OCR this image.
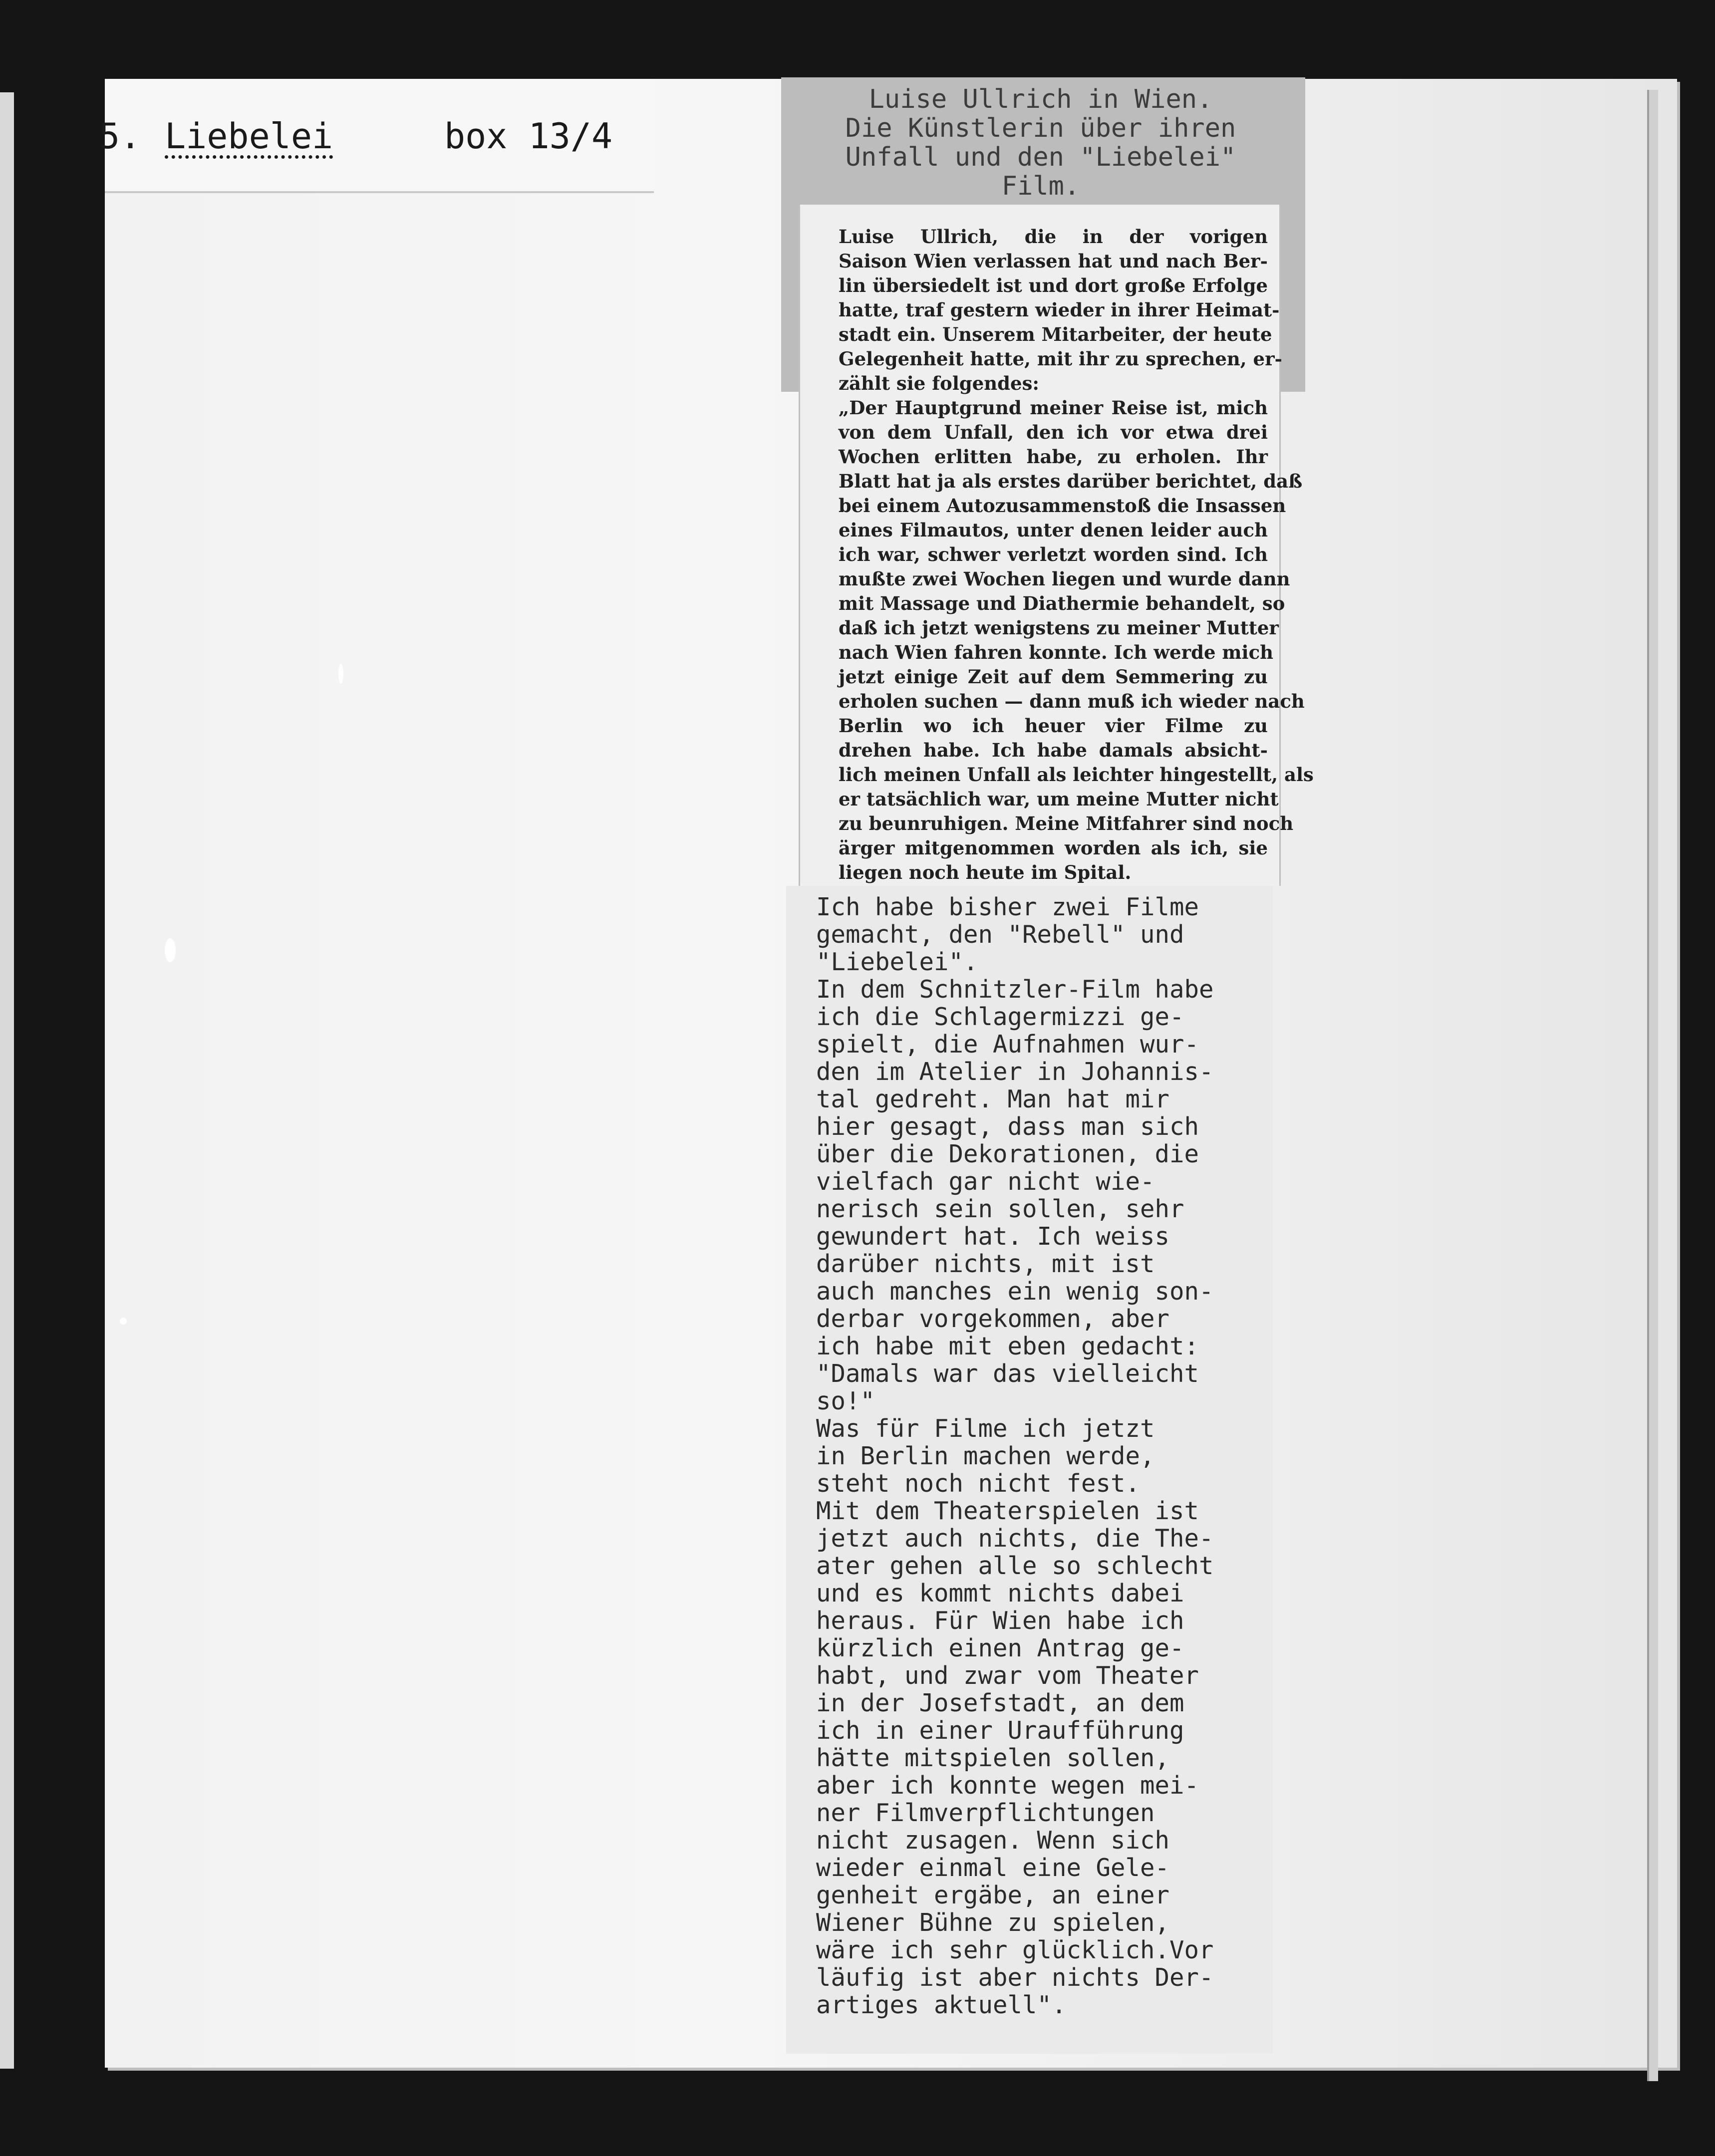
5. Liebelei	box 13/4
Luise Ullrich in Wien.
Die Künstlerin über ihren
Unfall und den "Liebelei"
Film.
Luise Ullrich, die in der vorigen
Saison Wien verlassen hat und nach Ber-
lin übersiedelt ist und dort große Erfolge
hatte, traf gestern wieder in ihrer Heimat-
stadt ein. Unserem Mitarbeiter, der heute
Gelegenheit hatte, mit ihr zu sprechen, er-
zählt sie folgendes:
„Der Hauptgrund meiner Reise ist, mich
von dem Unfall, den ich vor etwa drei
Wochen erlitten habe, zu erholen. Ihr
Blatt hat ja als erstes darüber berichtet, daß
bei einem Autozusammenstoß die Insassen
eines Filmautos, unter denen leider auch
ich war, schwer verletzt worden sind. Ich
mußte zwei Wochen liegen und wurde dann
mit Massage und Diathermie behandelt, so
daß ich jetzt wenigstens zu meiner Mutter
nach Wien fahren konnte. Ich werde mich
jetzt einige Zeit auf dem Semmering zu
erholen suchen — dann muß ich wieder nach
Berlin wo ich heuer vier Filme zu
drehen habe. Ich habe damals absicht-
lich meinen Unfall als leichter hingestellt, als
er tatsächlich war, um meine Mutter nicht
zu beunruhigen. Meine Mitfahrer sind noch
ärger mitgenommen worden als ich, sie
liegen noch heute im Spital.
Ich habe bisher zwei Filme
gemacht, den "Rebell" und
"Liebelei".
In dem Schnitzler-Film habe
ich die Schlagermizzi ge-
spielt, die Aufnahmen wur-
den im Atelier in Johannis-
tal gedreht. Man hat mir
hier gesagt, dass man sich
über die Dekorationen, die
vielfach gar nicht wie-
nerisch sein sollen, sehr
gewundert hat. Ich weiss
darüber nichts, mit ist
auch manches ein wenig son-
derbar vorgekommen, aber
ich habe mit eben gedacht:
"Damals war das vielleicht
so!"
Was für Filme ich jetzt
in Berlin machen werde,
steht noch nicht fest.
Mit dem Theaterspielen ist
jetzt auch nichts, die The-
ater gehen alle so schlecht
und es kommt nichts dabei
heraus. Für Wien habe ich
kürzlich einen Antrag ge-
habt, und zwar vom Theater
in der Josefstadt, an dem
ich in einer Uraufführung
hätte mitspielen sollen,
aber ich konnte wegen mei-
ner Filmverpflichtungen
nicht zusagen. Wenn sich
wieder einmal eine Gele-
genheit ergäbe, an einer
Wiener Bühne zu spielen,
wäre ich sehr glücklich.Vor
läufig ist aber nichts Der-
artiges aktuell".
